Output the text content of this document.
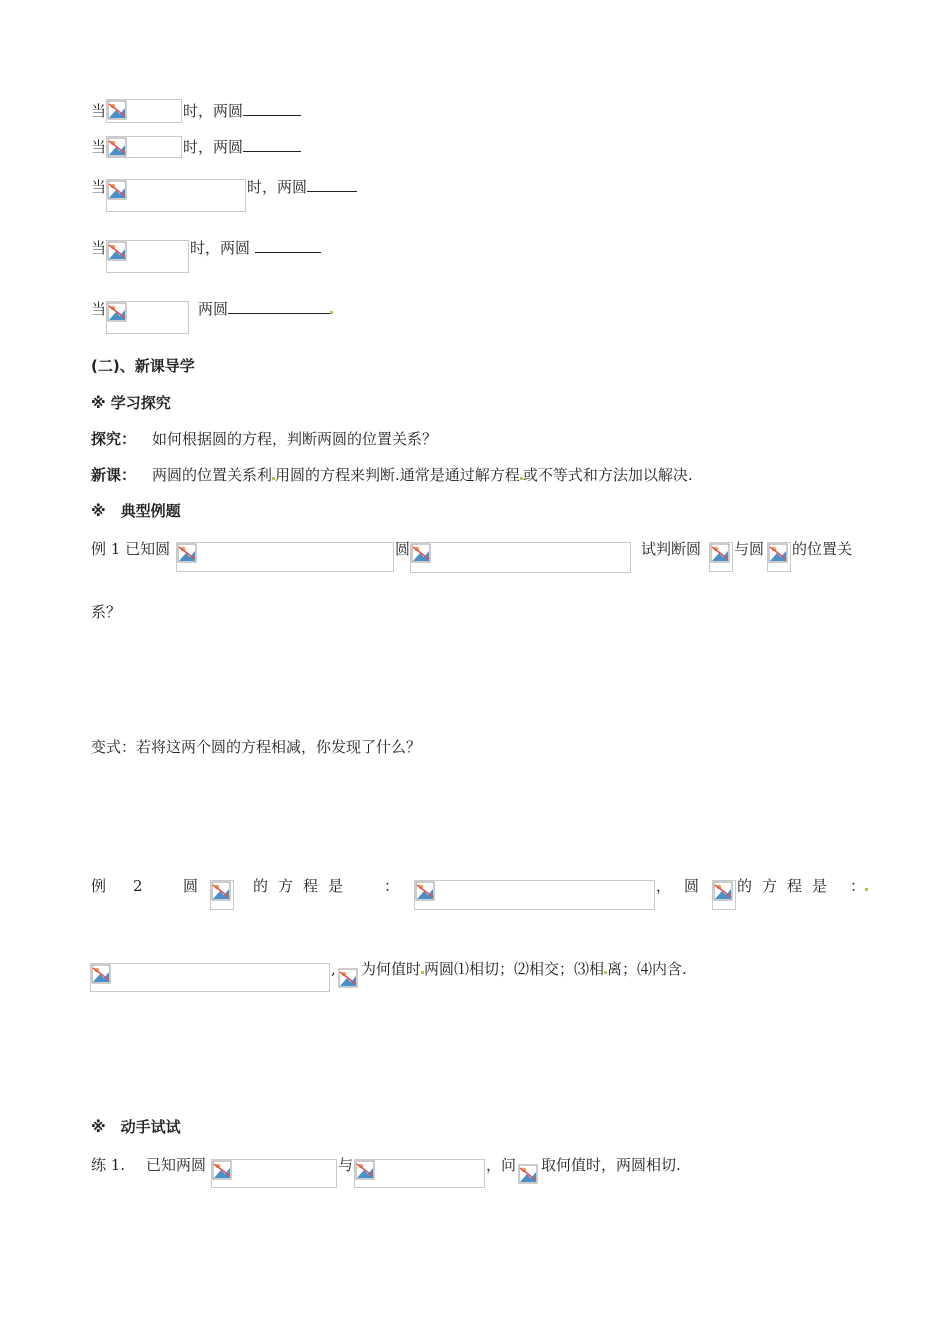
当	时，两圆
当	时，两圆
当	时，两圆
当	时，两圆
当	两圆
(二)、新课导学
※ 学习探究
探究： 如何根据圆的方程，判断两圆的位置关系？
新课： 两圆的位置关系利 用圆的方程来判断.通常是通过解方程 或不等式和方法加以解决.
※　典型例题
例 1 已知圆	圆	试判断圆 与圆 的位置关
系？
变式：若将这两个圆的方程相减，你发现了什么？
例　2 圆	的方程是 ：	， 圆	的方程是 ：
, 为何值时 两圆⑴相切；⑵相交；⑶相 离；⑷内含.
※　动手试试
练 1. 已知两圆	与	，问 取何值时，两圆相切.
